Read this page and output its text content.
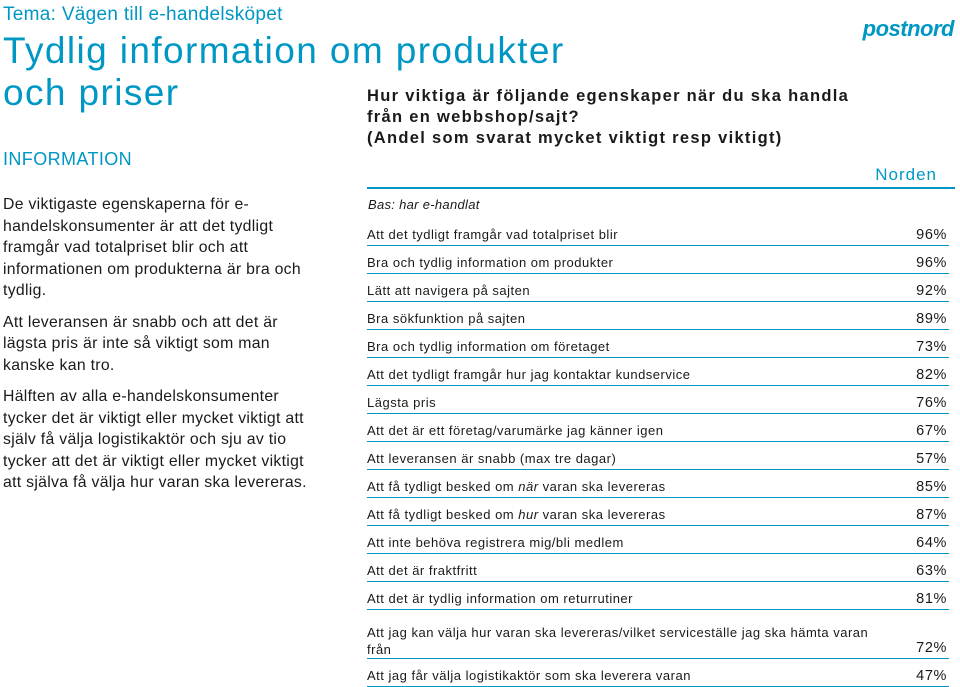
Tema: Vägen till e-handelsköpet
Tydlig information om produkter
och priser
postnord
INFORMATION

De viktigaste egenskaperna för e-handelskonsumenter är att det tydligt framgår vad totalpriset blir och att informationen om produkterna är bra och tydlig.

Att leveransen är snabb och att det är lägsta pris är inte så viktigt som man kanske kan tro.

Hälften av alla e-handelskonsumenter tycker det är viktigt eller mycket viktigt att själv få välja logistikaktör och sju av tio tycker att det är viktigt eller mycket viktigt att själva få välja hur varan ska levereras.

Hur viktiga är följande egenskaper när du ska handla
från en webbshop/sajt?
(Andel som svarat mycket viktigt resp viktigt)
Norden
Bas: har e-handlat
Att det tydligt framgår vad totalpriset blir	96%
Bra och tydlig information om produkter	96%
Lätt att navigera på sajten	92%
Bra sökfunktion på sajten	89%
Bra och tydlig information om företaget	73%
Att det tydligt framgår hur jag kontaktar kundservice	82%
Lägsta pris	76%
Att det är ett företag/varumärke jag känner igen	67%
Att leveransen är snabb (max tre dagar)	57%
Att få tydligt besked om när varan ska levereras	85%
Att få tydligt besked om hur varan ska levereras	87%
Att inte behöva registrera mig/bli medlem	64%
Att det är fraktfritt	63%
Att det är tydlig information om returrutiner	81%
Att jag kan välja hur varan ska levereras/vilket serviceställe jag ska hämta varan från	72%
Att jag får välja logistikaktör som ska leverera varan	47%
